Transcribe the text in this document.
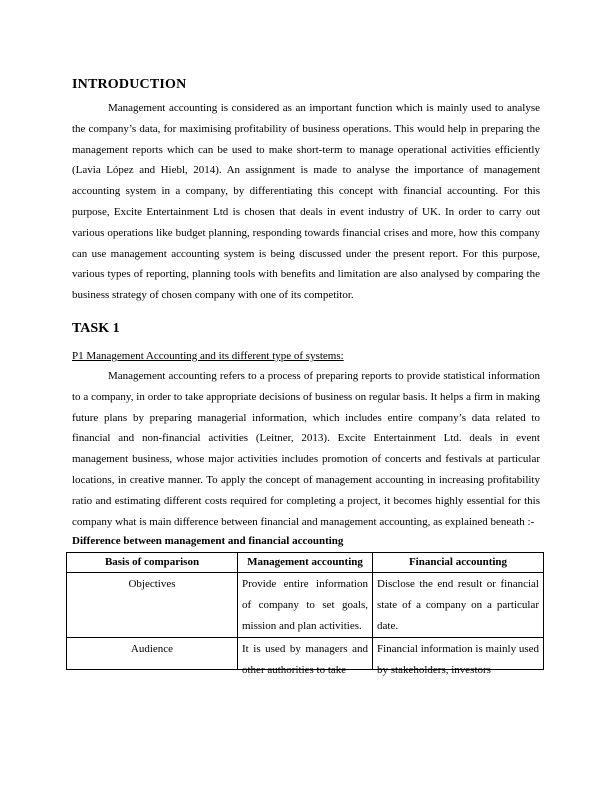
INTRODUCTION

Management accounting is considered as an important function which is mainly used to analyse the company’s data, for maximising profitability of business operations. This would help in preparing the management reports which can be used to make short-term to manage operational activities efficiently (Lavia López and Hiebl, 2014). An assignment is made to analyse the importance of management accounting system in a company, by differentiating this concept with financial accounting. For this purpose, Excite Entertainment Ltd is chosen that deals in event industry of UK. In order to carry out various operations like budget planning, responding towards financial crises and more, how this company can use management accounting system is being discussed under the present report. For this purpose, various types of reporting, planning tools with benefits and limitation are also analysed by comparing the business strategy of chosen company with one of its competitor.

TASK 1
P1 Management Accounting and its different type of systems:

Management accounting refers to a process of preparing reports to provide statistical information to a company, in order to take appropriate decisions of business on regular basis. It helps a firm in making future plans by preparing managerial information, which includes entire company’s data related to financial and non-financial activities (Leitner, 2013). Excite Entertainment Ltd. deals in event management business, whose major activities includes promotion of concerts and festivals at particular locations, in creative manner. To apply the concept of management accounting in increasing profitability ratio and estimating different costs required for completing a project, it becomes highly essential for this company what is main difference between financial and management accounting, as explained beneath :-

Difference between management and financial accounting
Basis of comparison	Management accounting	Financial accounting
Objectives	Provide entire information of company to set goals, mission and plan activities.	Disclose the end result or financial state of a company on a particular date.

Audience	It is used by managers and other authorities to take	Financial information is mainly used by stakeholders, investors
